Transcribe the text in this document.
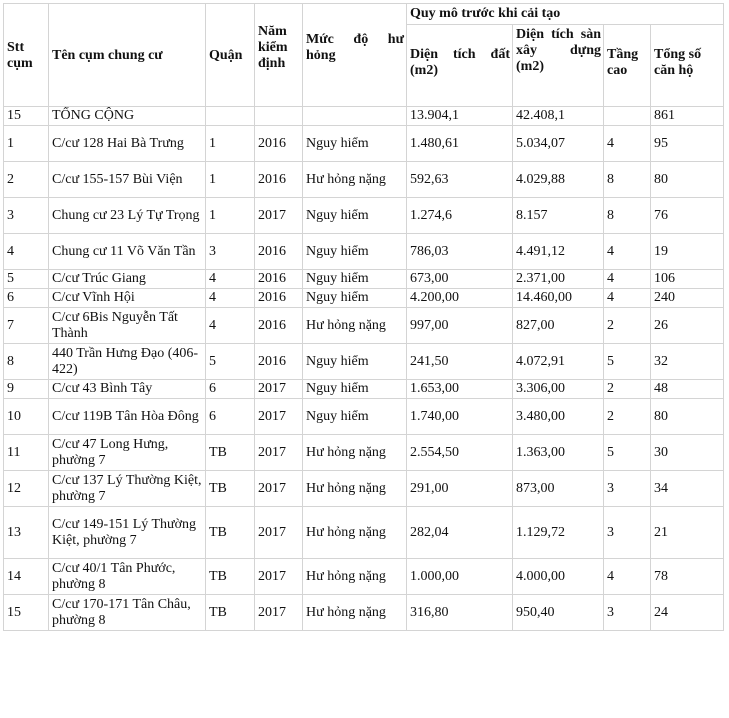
Stt cụm	Tên cụm chung cư	Quận	Năm kiểm định	Mức độ hư hỏng	Quy mô trước khi cải tạo			
					Diện tích đất (m2)	Diện tích sàn xây dựng (m2)	Tầng cao	Tổng số căn hộ
15	TỔNG CỘNG				13.904,1	42.408,1		861
1	C/cư 128 Hai Bà Trưng	1	2016	Nguy hiểm	1.480,61	5.034,07	4	95
2	C/cư 155-157 Bùi Viện	1	2016	Hư hỏng nặng	592,63	4.029,88	8	80
3	Chung cư 23 Lý Tự Trọng	1	2017	Nguy hiểm	1.274,6	8.157	8	76
4	Chung cư 11 Võ Văn Tần	3	2016	Nguy hiểm	786,03	4.491,12	4	19
5	C/cư Trúc Giang	4	2016	Nguy hiểm	673,00	2.371,00	4	106
6	C/cư Vĩnh Hội	4	2016	Nguy hiểm	4.200,00	14.460,00	4	240
7	C/cư 6Bis Nguyễn Tất Thành	4	2016	Hư hỏng nặng	997,00	827,00	2	26
8	440 Trần Hưng Đạo (406-422)	5	2016	Nguy hiểm	241,50	4.072,91	5	32
9	C/cư 43 Bình Tây	6	2017	Nguy hiểm	1.653,00	3.306,00	2	48
10	C/cư 119B Tân Hòa Đông	6	2017	Nguy hiểm	1.740,00	3.480,00	2	80
11	C/cư 47 Long Hưng, phường 7	TB	2017	Hư hỏng nặng	2.554,50	1.363,00	5	30
12	C/cư 137 Lý Thường Kiệt, phường 7	TB	2017	Hư hỏng nặng	291,00	873,00	3	34
13	C/cư 149-151 Lý Thường Kiệt, phường 7	TB	2017	Hư hỏng nặng	282,04	1.129,72	3	21
14	C/cư 40/1 Tân Phước, phường 8	TB	2017	Hư hỏng nặng	1.000,00	4.000,00	4	78
15	C/cư 170-171 Tân Châu, phường 8	TB	2017	Hư hỏng nặng	316,80	950,40	3	24
